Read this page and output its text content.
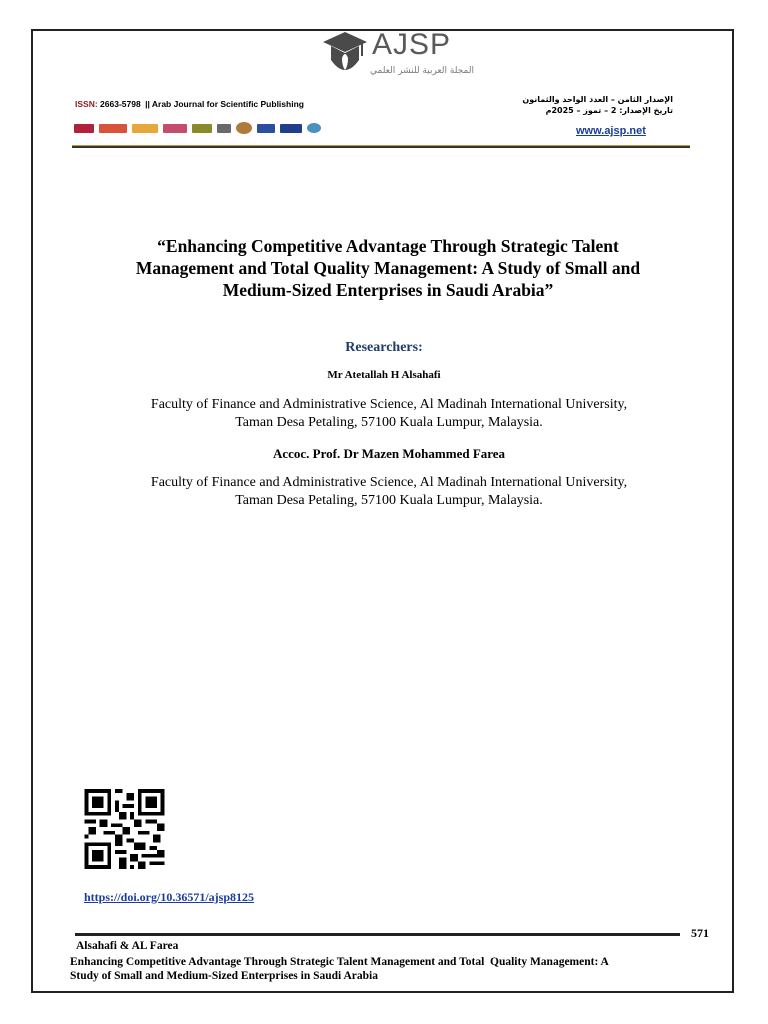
AJSP
المجلة العربية للنشر العلمي
ISSN: 2663-5798 || Arab Journal for Scientific Publishing	الإصدار الثامن – العدد الواحد والثمانون
تاريخ الإصدار: 2 – تموز – 2025م
www.ajsp.net
“Enhancing Competitive Advantage Through Strategic Talent
Management and Total Quality Management: A Study of Small and
Medium-Sized Enterprises in Saudi Arabia”
Researchers:
Mr Atetallah H Alsahafi
Faculty of Finance and Administrative Science, Al Madinah International University,
Taman Desa Petaling, 57100 Kuala Lumpur, Malaysia.
Accoc. Prof. Dr Mazen Mohammed Farea
Faculty of Finance and Administrative Science, Al Madinah International University,
Taman Desa Petaling, 57100 Kuala Lumpur, Malaysia.
https://doi.org/10.36571/ajsp8125
571
Alsahafi & AL Farea
Enhancing Competitive Advantage Through Strategic Talent Management and Total  Quality Management: A
Study of Small and Medium-Sized Enterprises in Saudi Arabia
